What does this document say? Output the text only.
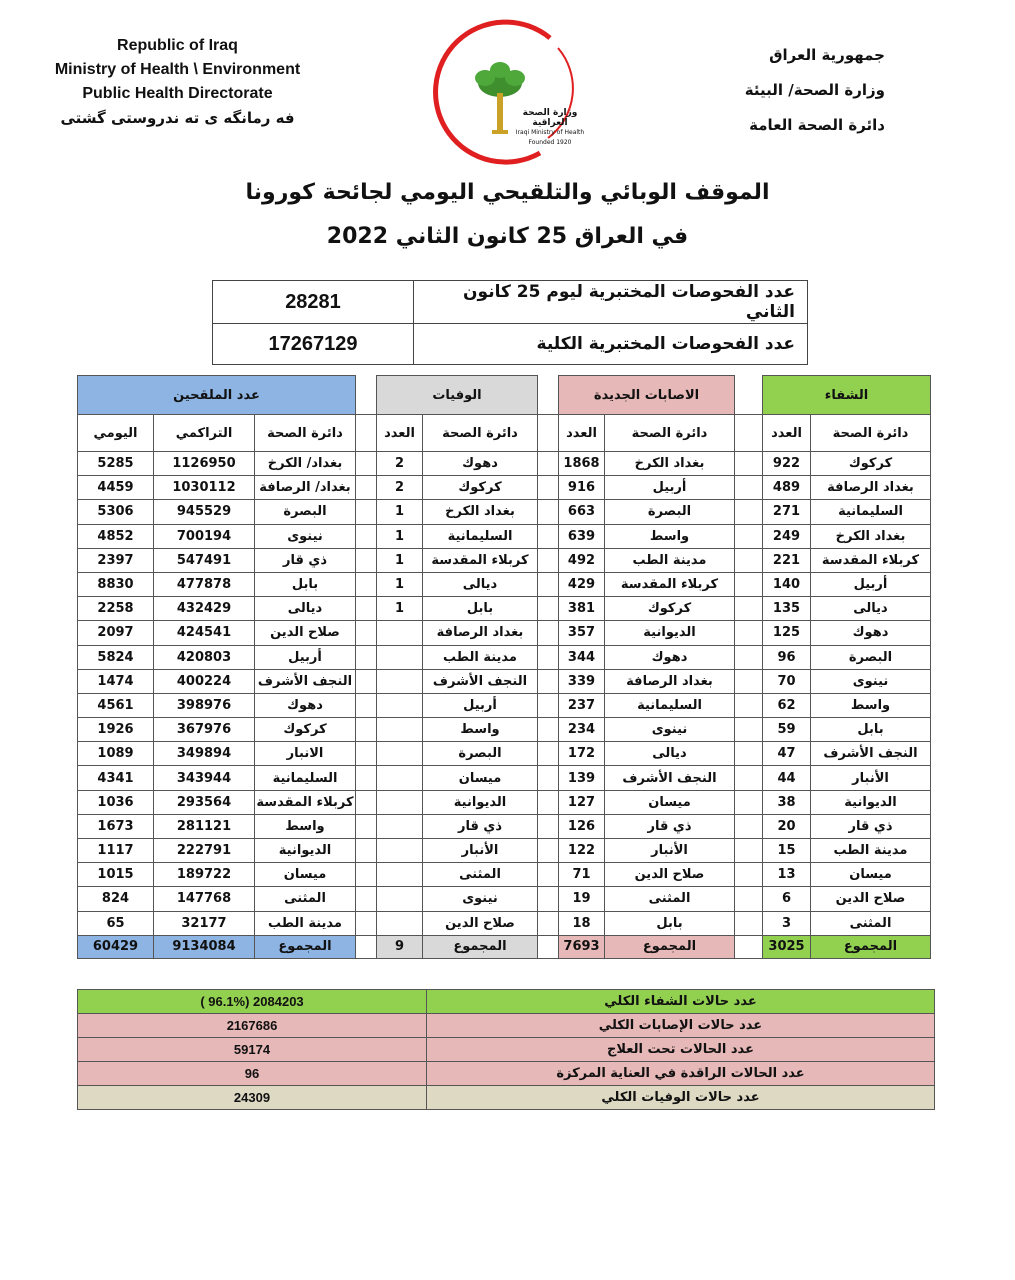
Republic of Iraq
Ministry of Health \ Environment
Public Health Directorate
فه رمانگه ی ته ندروستی گشتی
جمهورية العراق
وزارة الصحة/ البيئة
دائرة الصحة العامة
وزارة الصحة العراقية
Iraqi Ministry of Health
Founded 1920
الموقف الوبائي والتلقيحي اليومي لجائحة كورونا
في العراق 25 كانون الثاني 2022
28281	عدد الفحوصات المختبرية ليوم 25 كانون الثاني
17267129	عدد الفحوصات المختبرية الكلية
عدد الملقحين				الوفيات			الاصابات الجديدة			الشفاء	
اليومي	التراكمي	دائرة الصحة		العدد	دائرة الصحة		العدد	دائرة الصحة		العدد	دائرة الصحة
5285	1126950	بغداد/ الكرخ		2	دهوك		1868	بغداد الكرخ		922	كركوك
4459	1030112	بغداد/ الرصافة		2	كركوك		916	أربيل		489	بغداد الرصافة
5306	945529	البصرة		1	بغداد الكرخ		663	البصرة		271	السليمانية
4852	700194	نينوى		1	السليمانية		639	واسط		249	بغداد الكرخ
2397	547491	ذي قار		1	كربلاء المقدسة		492	مدينة الطب		221	كربلاء المقدسة
8830	477878	بابل		1	ديالى		429	كربلاء المقدسة		140	أربيل
2258	432429	ديالى		1	بابل		381	كركوك		135	ديالى
2097	424541	صلاح الدين			بغداد الرصافة		357	الديوانية		125	دهوك
5824	420803	أربيل			مدينة الطب		344	دهوك		96	البصرة
1474	400224	النجف الأشرف			النجف الأشرف		339	بغداد الرصافة		70	نينوى
4561	398976	دهوك			أربيل		237	السليمانية		62	واسط
1926	367976	كركوك			واسط		234	نينوى		59	بابل
1089	349894	الانبار			البصرة		172	ديالى		47	النجف الأشرف
4341	343944	السليمانية			ميسان		139	النجف الأشرف		44	الأنبار
1036	293564	كربلاء المقدسة			الديوانية		127	ميسان		38	الديوانية
1673	281121	واسط			ذي قار		126	ذي قار		20	ذي قار
1117	222791	الديوانية			الأنبار		122	الأنبار		15	مدينة الطب
1015	189722	ميسان			المثنى		71	صلاح الدين		13	ميسان
824	147768	المثنى			نينوى		19	المثنى		6	صلاح الدين
65	32177	مدينة الطب			صلاح الدين		18	بابل		3	المثنى
60429	9134084	المجموع		9	المجموع		7693	المجموع		3025	المجموع
( 96.1%) 2084203	عدد حالات الشفاء الكلي
2167686	عدد حالات الإصابات الكلي
59174	عدد الحالات تحت العلاج
96	عدد الحالات الراقدة في العناية المركزة
24309	عدد حالات الوفيات الكلي
